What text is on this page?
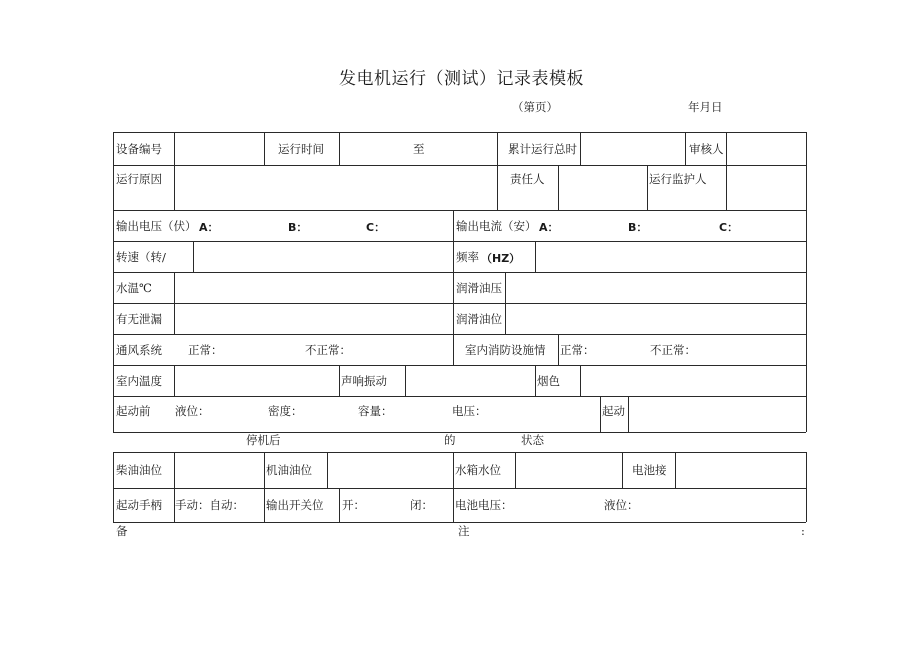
发电机运行（测试）记录表模板
（第页）	年月日
设备编号	运行时间	至	累计运行总时	审核人
运行原因	责任人	运行监护人
输出电压（伏） A：	B：	C：	输出电流（安） A：	B：	C：
转速（转/	频率 （HZ）
水温℃	润滑油压
有无泄漏	润滑油位
通风系统 正常：	不正常：	室内消防设施情 正常：	不正常：
室内温度	声响振动	烟色
起动前 液位：	密度：	容量：	电压：	起动
停机后	的	状态
柴油油位	机油油位	水箱水位	电池接
起动手柄 手动：自动： 输出开关位 开：	闭： 电池电压：	液位：
备	注	:
